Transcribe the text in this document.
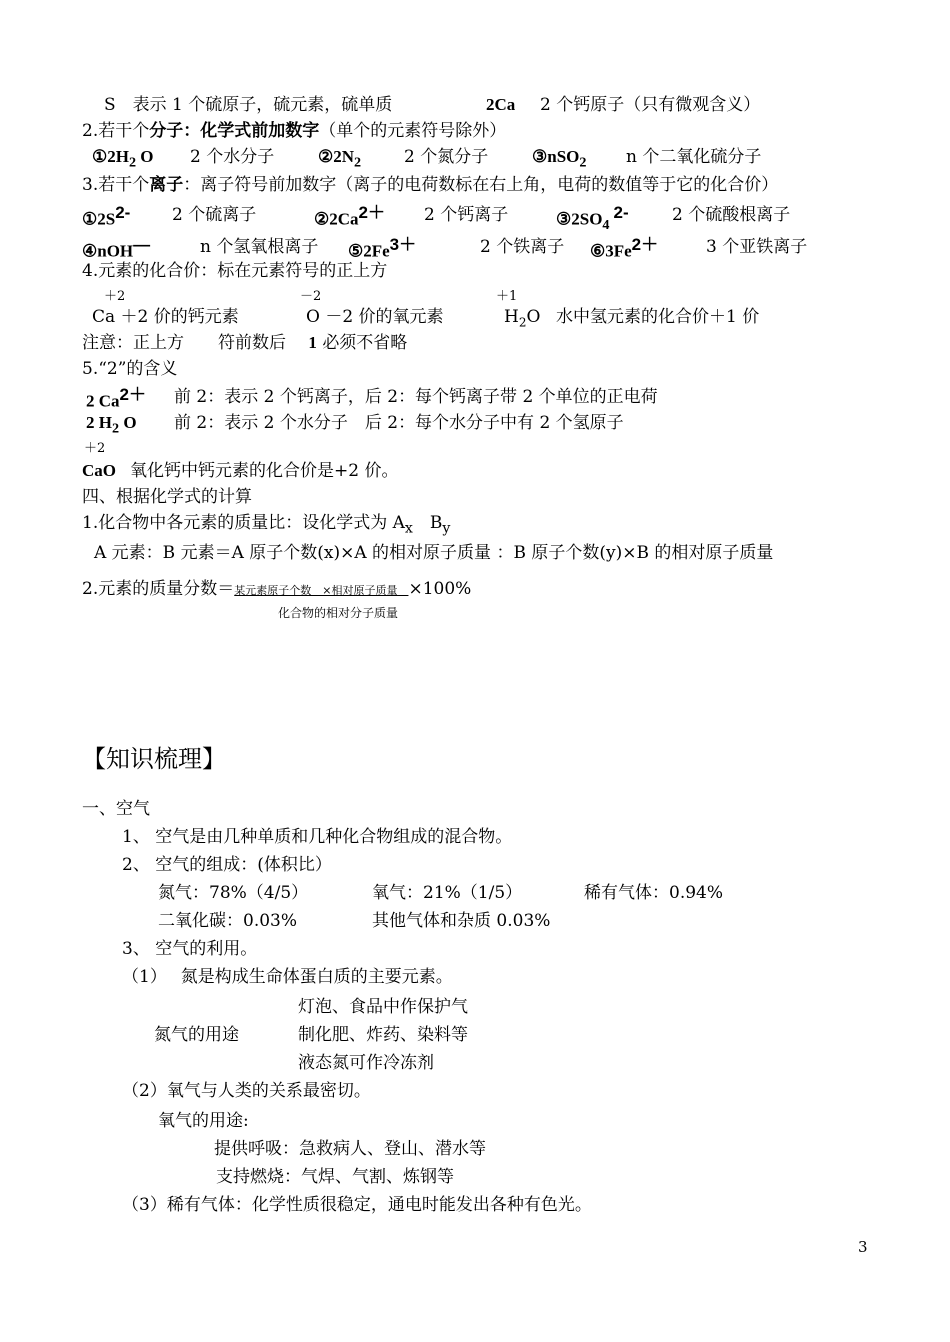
S　表示 1 个硫原子，硫元素，硫单质	2Ca 2 个钙原子（只有微观含义）
2.若干个分子：化学式前加数字（单个的元素符号除外）
$①2H_2$ O 2 个水分子	$②2N_2$	2 个氮分子	③nSO$_2$ n 个二氧化硫分子
3.若干个离子：离子符号前加数字（离子的电荷数标在右上角，电荷的数值等于它的化合价）
$①2S^{2-}$ 2 个硫离子	$②2Ca^{2+}$ 2 个钙离子	$③2SO_4^{2-}$	2 个硫酸根离子
④nOH—	n 个氢氧根离子 $⑤2Fe^{3+}$	2 个铁离子 $⑥3Fe^{2+}$	3 个亚铁离子
4.元素的化合价：标在元素符号的正上方
＋2	－2	＋1
Ca ＋2 价的钙元素	O －2 价的氧元素	$H_2O$ 水中氢元素的化合价＋1 价
注意：正上方　　符前数后　 1 必须不省略
5.“2”的含义
2 $Ca^{2+}$ 前 2：表示 2 个钙离子，后 2：每个钙离子带 2 个单位的正电荷
2 $H_2$ O 前 2：表示 2 个水分子　后 2：每个水分子中有 2 个氢原子
＋2
CaO 氧化钙中钙元素的化合价是+2 价。
四、根据化学式的计算
1.化合物中各元素的质量比：设化学式为 $A_x$　 $B_y$
A 元素：B 元素＝A 原子个数(x)×A 的相对原子质量 ：B 原子个数(y)×B 的相对原子质量
2.元素的质量分数＝某元素原子个数　×相对原子质量　×100%
化合物的相对分子质量
【知识梳理】
一、空气
1、 空气是由几种单质和几种化合物组成的混合物。
2、 空气的组成：(体积比）
氮气：78%（4/5）	氧气：21%（1/5）	稀有气体：0.94%
二氧化碳：0.03%	其他气体和杂质 0.03%
3、 空气的利用。
（1）　 氮是构成生命体蛋白质的主要元素。
灯泡、食品中作保护气
氮气的用途	制化肥、炸药、染料等
液态氮可作冷冻剂
（2）氧气与人类的关系最密切。
氧气的用途:
提供呼吸：急救病人、登山、潜水等
支持燃烧：气焊、气割、炼钢等
（3）稀有气体：化学性质很稳定，通电时能发出各种有色光。
3
